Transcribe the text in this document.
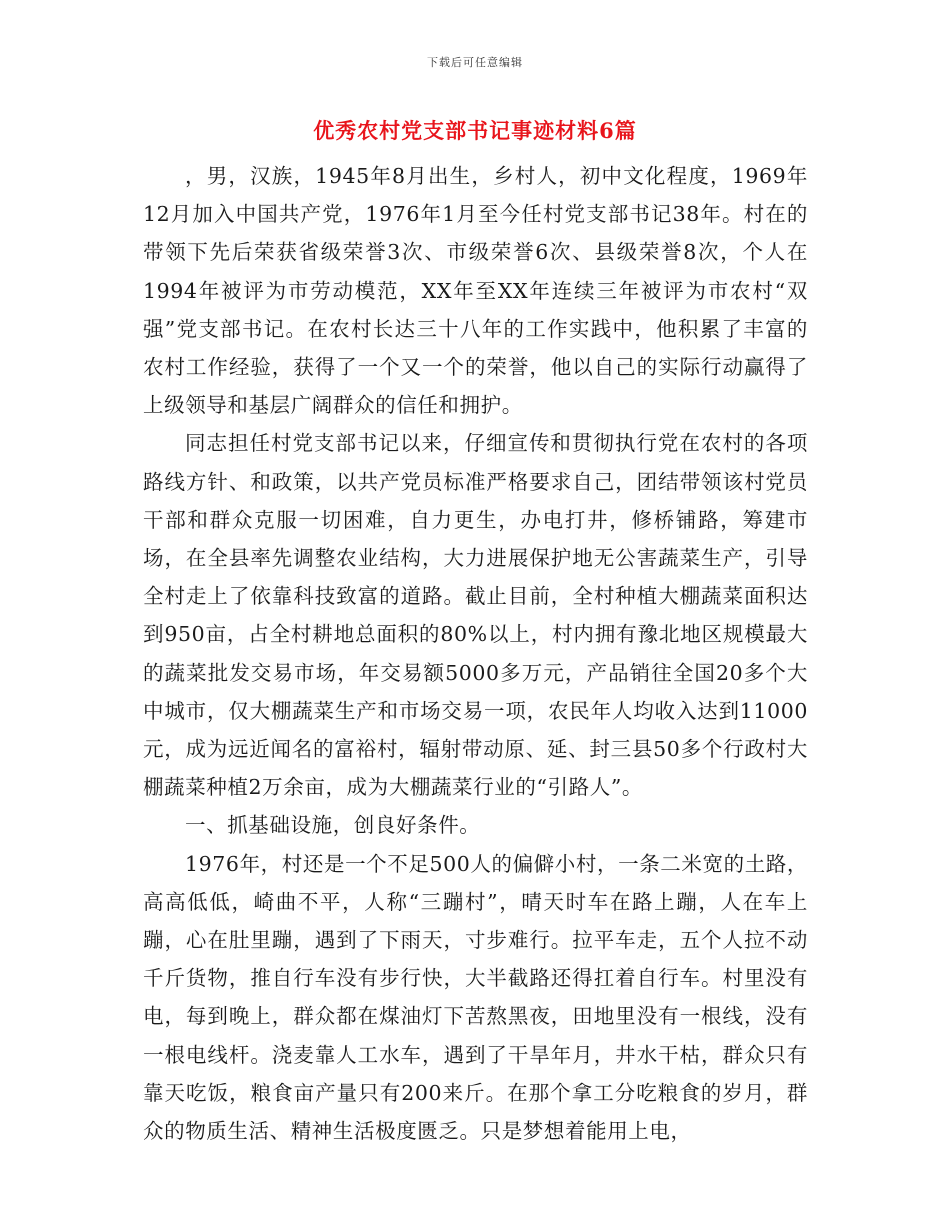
下载后可任意编辑
优秀农村党支部书记事迹材料6篇

，男，汉族，1945年8月出生，乡村人，初中文化程度，1969年12月加入中国共产党，1976年1月至今任村党支部书记38年。村在的带领下先后荣获省级荣誉3次、市级荣誉6次、县级荣誉8次，个人在1994年被评为市劳动模范，XX年至XX年连续三年被评为市农村“双强”党支部书记。在农村长达三十八年的工作实践中，他积累了丰富的农村工作经验，获得了一个又一个的荣誉，他以自己的实际行动赢得了上级领导和基层广阔群众的信任和拥护。

同志担任村党支部书记以来，仔细宣传和贯彻执行党在农村的各项路线方针、和政策，以共产党员标准严格要求自己，团结带领该村党员干部和群众克服一切困难，自力更生，办电打井，修桥铺路，筹建市场，在全县率先调整农业结构，大力进展保护地无公害蔬菜生产，引导全村走上了依靠科技致富的道路。截止目前，全村种植大棚蔬菜面积达到950亩，占全村耕地总面积的80%以上，村内拥有豫北地区规模最大的蔬菜批发交易市场，年交易额5000多万元，产品销往全国20多个大中城市，仅大棚蔬菜生产和市场交易一项，农民年人均收入达到11000元，成为远近闻名的富裕村，辐射带动原、延、封三县50多个行政村大棚蔬菜种植2万余亩，成为大棚蔬菜行业的“引路人”。

一、抓基础设施，创良好条件。

1976年，村还是一个不足500人的偏僻小村，一条二米宽的土路，高高低低，崎曲不平，人称“三蹦村”，晴天时车在路上蹦，人在车上蹦，心在肚里蹦，遇到了下雨天，寸步难行。拉平车走，五个人拉不动千斤货物，推自行车没有步行快，大半截路还得扛着自行车。村里没有电，每到晚上，群众都在煤油灯下苦熬黑夜，田地里没有一根线，没有一根电线杆。浇麦靠人工水车，遇到了干旱年月，井水干枯，群众只有靠天吃饭，粮食亩产量只有200来斤。在那个拿工分吃粮食的岁月，群众的物质生活、精神生活极度匮乏。只是梦想着能用上电，
